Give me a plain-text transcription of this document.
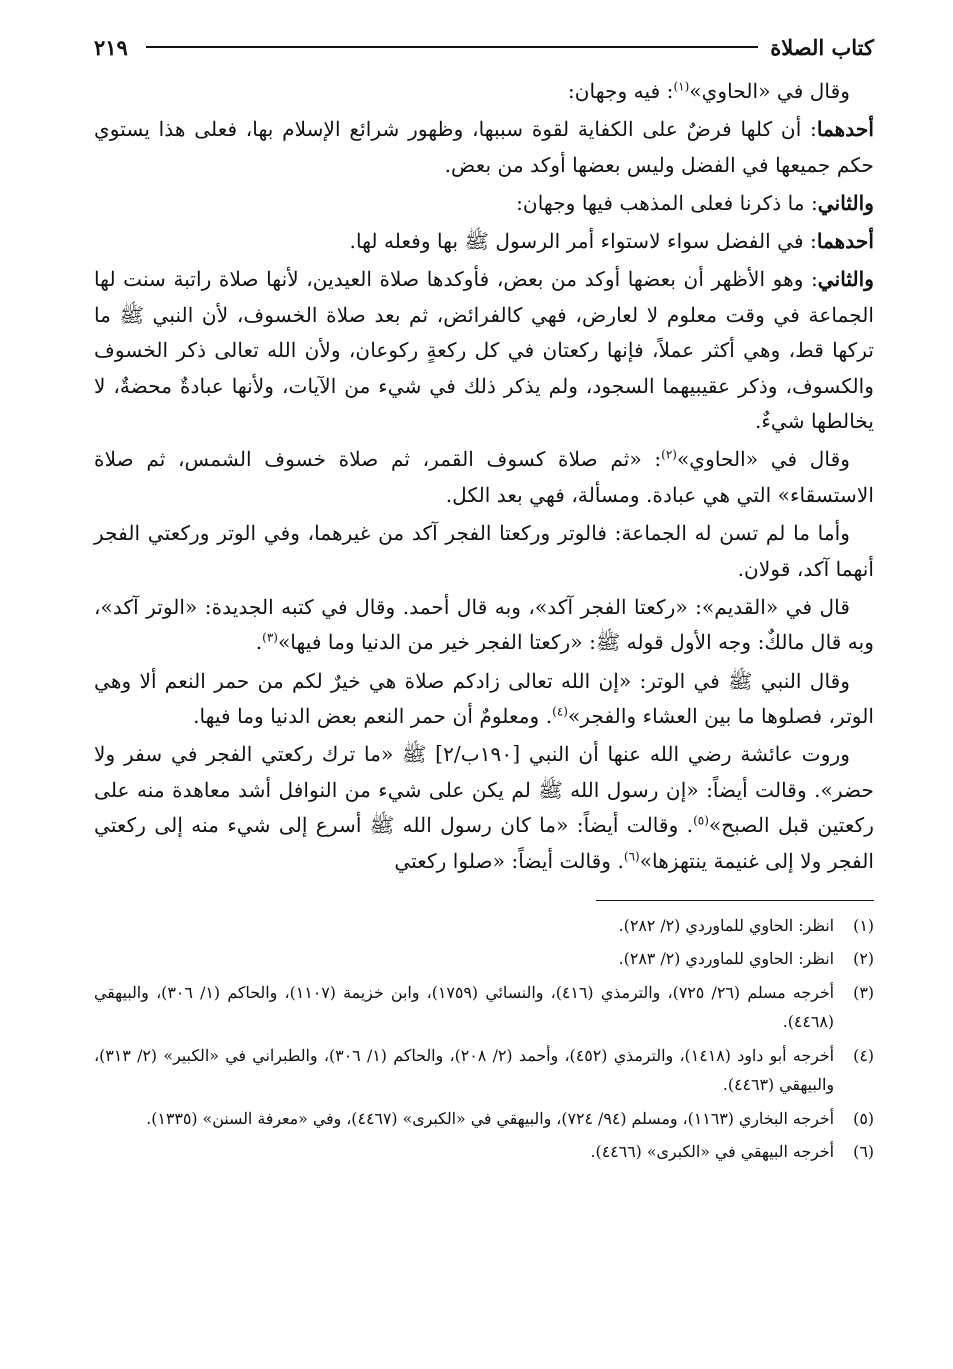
كتاب الصلاة
٢١٩

وقال في «الحاوي»$^{(١)}$: فيه وجهان:

أحدهما: أن كلها فرضٌ على الكفاية لقوة سببها، وظهور شرائع الإسلام بها، فعلى هذا يستوي حكم جميعها في الفضل وليس بعضها أوكد من بعض.

والثاني: ما ذكرنا فعلى المذهب فيها وجهان:

أحدهما: في الفضل سواء لاستواء أمر الرسول ﷺ بها وفعله لها.

والثاني: وهو الأظهر أن بعضها أوكد من بعض، فأوكدها صلاة العيدين، لأنها صلاة راتبة سنت لها الجماعة في وقت معلوم لا لعارض، فهي كالفرائض، ثم بعد صلاة الخسوف، لأن النبي ﷺ ما تركها قط، وهي أكثر عملاً، فإنها ركعتان في كل ركعةٍ ركوعان، ولأن الله تعالى ذكر الخسوف والكسوف، وذكر عقيبيهما السجود، ولم يذكر ذلك في شيء من الآيات، ولأنها عبادةٌ محضةٌ، لا يخالطها شيءٌ.

وقال في «الحاوي»$^{(٢)}$: «ثم صلاة كسوف القمر، ثم صلاة خسوف الشمس، ثم صلاة الاستسقاء» التي هي عبادة. ومسألة، فهي بعد الكل.

وأما ما لم تسن له الجماعة: فالوتر وركعتا الفجر آكد من غيرهما، وفي الوتر وركعتي الفجر أنهما آكد، قولان.

قال في «القديم»: «ركعتا الفجر آكد»، وبه قال أحمد. وقال في كتبه الجديدة: «الوتر آكد»، وبه قال مالكٌ: وجه الأول قوله ﷺ: «ركعتا الفجر خير من الدنيا وما فيها»$^{(٣)}$.

وقال النبي ﷺ في الوتر: «إن الله تعالى زادكم صلاة هي خيرٌ لكم من حمر النعم ألا وهي الوتر، فصلوها ما بين العشاء والفجر»$^{(٤)}$. ومعلومٌ أن حمر النعم بعض الدنيا وما فيها.

وروت عائشة رضي الله عنها أن النبي [١٩٠ب/٢] ﷺ «ما ترك ركعتي الفجر في سفر ولا حضر». وقالت أيضاً: «إن رسول الله ﷺ لم يكن على شيء من النوافل أشد معاهدة منه على ركعتين قبل الصبح»$^{(٥)}$. وقالت أيضاً: «ما كان رسول الله ﷺ أسرع إلى شيء منه إلى ركعتي الفجر ولا إلى غنيمة ينتهزها»$^{(٦)}$. وقالت أيضاً: «صلوا ركعتي

(١)
انظر: الحاوي للماوردي (٢/ ٢٨٢).
(٢)
انظر: الحاوي للماوردي (٢/ ٢٨٣).
(٣)
أخرجه مسلم (٢٦/ ٧٢٥)، والترمذي (٤١٦)، والنسائي (١٧٥٩)، وابن خزيمة (١١٠٧)، والحاكم (١/ ٣٠٦)، والبيهقي (٤٤٦٨).
(٤)
أخرجه أبو داود (١٤١٨)، والترمذي (٤٥٢)، وأحمد (٢/ ٢٠٨)، والحاكم (١/ ٣٠٦)، والطبراني في «الكبير» (٢/ ٣١٣)، والبيهقي (٤٤٦٣).
(٥)
أخرجه البخاري (١١٦٣)، ومسلم (٩٤/ ٧٢٤)، والبيهقي في «الكبرى» (٤٤٦٧)، وفي «معرفة السنن» (١٣٣٥).
(٦)
أخرجه البيهقي في «الكبرى» (٤٤٦٦).
